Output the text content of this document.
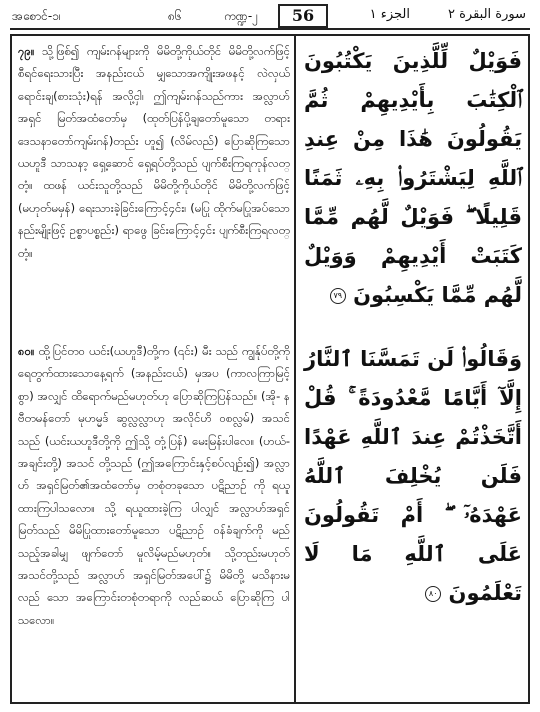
အစောင်-၁၊	၈၆	ကဏ္ဍ-၂	56	الجزء ١	سورة البقرة ٢
၇၉။ သို့ဖြစ်၍ ကျမ်းဂန်များကို မိမိတို့ကိုယ်တိုင် မိမိတို့လက်ဖြင့် စီရင်ရေးသားပြီး အနည်းငယ် မျှသောအကျိုးအဖနင့် လဲလှယ်ရောင်းချ(စားသုံး)ရန် အလို့ငှါ၊ ဤကျမ်းဂန်သည်ကား အလ္လာဟ်အရှင် မြတ်အထံတော်မှ (ထုတ်ပြန်ပို့ချတော်မူသော တရား ဒေသနာတော်ကျမ်းဂန်)တည်း ဟူ၍ (လိမ်လည်) ပြောဆိုကြသော ယဟူဒီ သာသနာ့ ရှေ့ဆောင် ရှေ့ရပ်တို့သည် ပျက်စီးကြရကုန်လတ္တံ့။ ထဖန် ယင်းသူတို့သည် မိမိတို့ကိုယ်တိုင် မိမိတို့လက်ဖြင့် (မဟုတ်မမှန်) ရေးသားခဲ့ခြင်းကြောင့်၄င်း၊ (မပြု ထိုက်မပြုအပ်သော နည်းမျိုးဖြင့် ဥစ္စာပစ္စည်း) ရာဖွေ ခြင်းကြောင့်၄င်း ပျက်စီးကြရလတ္တံ့။
၈၀။ ထို့ပြင်တဝ ယင်း(ယဟူဒီ)တို့က (၎င်း) မီး သည် ကျွန်ုပ်တို့ကို ရေတွက်ထားသောနေ့ရက် (အနည်းငယ်) မှအပ (ကာလကြာမြင့်စွာ) အလျှင် ထိရောက်မည်မဟုတ်ဟု ပြောဆိုကြပြန်သည်။ (အို- နဗီတမန်တော် မုဟမ္မဒ် ဆွလ္လလ္လာဟု အလိုင်ဟိ ဝစလ္လမ်) အသင်သည် (ယင်းယဟူဒီတို့ကို ဤသို့ တုံ့ပြန်) မေးမြန်းပါလေ။ (ဟယ်-အချင်းတို့) အသင် တို့သည် (ဤအကြောင်းနှင့်စပ်လျဉ်း၍) အလ္လာဟ် အရှင်မြတ်၏အထံတော်မှ တစုံတခုသော ပဋိညာဉ် ကို ရယူထားကြပါသလော။ သို့ ရယူထားခဲ့ကြ ပါလျှင် အလ္လာဟ်အရှင်မြတ်သည် မိမိပြုထားတော်မူသော ပဋိညာဉ် ဝန်ခံချက်ကို မည်သည့်အခါမျှ ဖျက်တော် မူလိမ့်မည်မဟုတ်။ သို့တည်းမဟုတ် အသင်တို့သည် အလ္လာဟ် အရှင်မြတ်အပေါ်၌ မိမိတို့ မသိနားမလည် သော အကြောင်းတစုံတရာကို လည်ဆယ် ပြောဆိုကြ ပါသလော။
فَوَيْلٌ لِّلَّذِينَ يَكْتُبُونَ ٱلْكِتَٰبَ بِأَيْدِيهِمْ ثُمَّ يَقُولُونَ هَٰذَا مِنْ عِندِ ٱللَّهِ لِيَشْتَرُوا۟ بِهِۦ ثَمَنًا قَلِيلًا ۖ فَوَيْلٌ لَّهُم مِّمَّا كَتَبَتْ أَيْدِيهِمْ وَوَيْلٌ لَّهُم مِّمَّا يَكْسِبُونَ ٧٩
وَقَالُوا۟ لَن تَمَسَّنَا ٱلنَّارُ إِلَّآ أَيَّامًا مَّعْدُودَةً ۚ قُلْ أَتَّخَذْتُمْ عِندَ ٱللَّهِ عَهْدًا فَلَن يُخْلِفَ ٱللَّهُ عَهْدَهُۥٓ ۖ أَمْ تَقُولُونَ عَلَى ٱللَّهِ مَا لَا تَعْلَمُونَ ٨٠
